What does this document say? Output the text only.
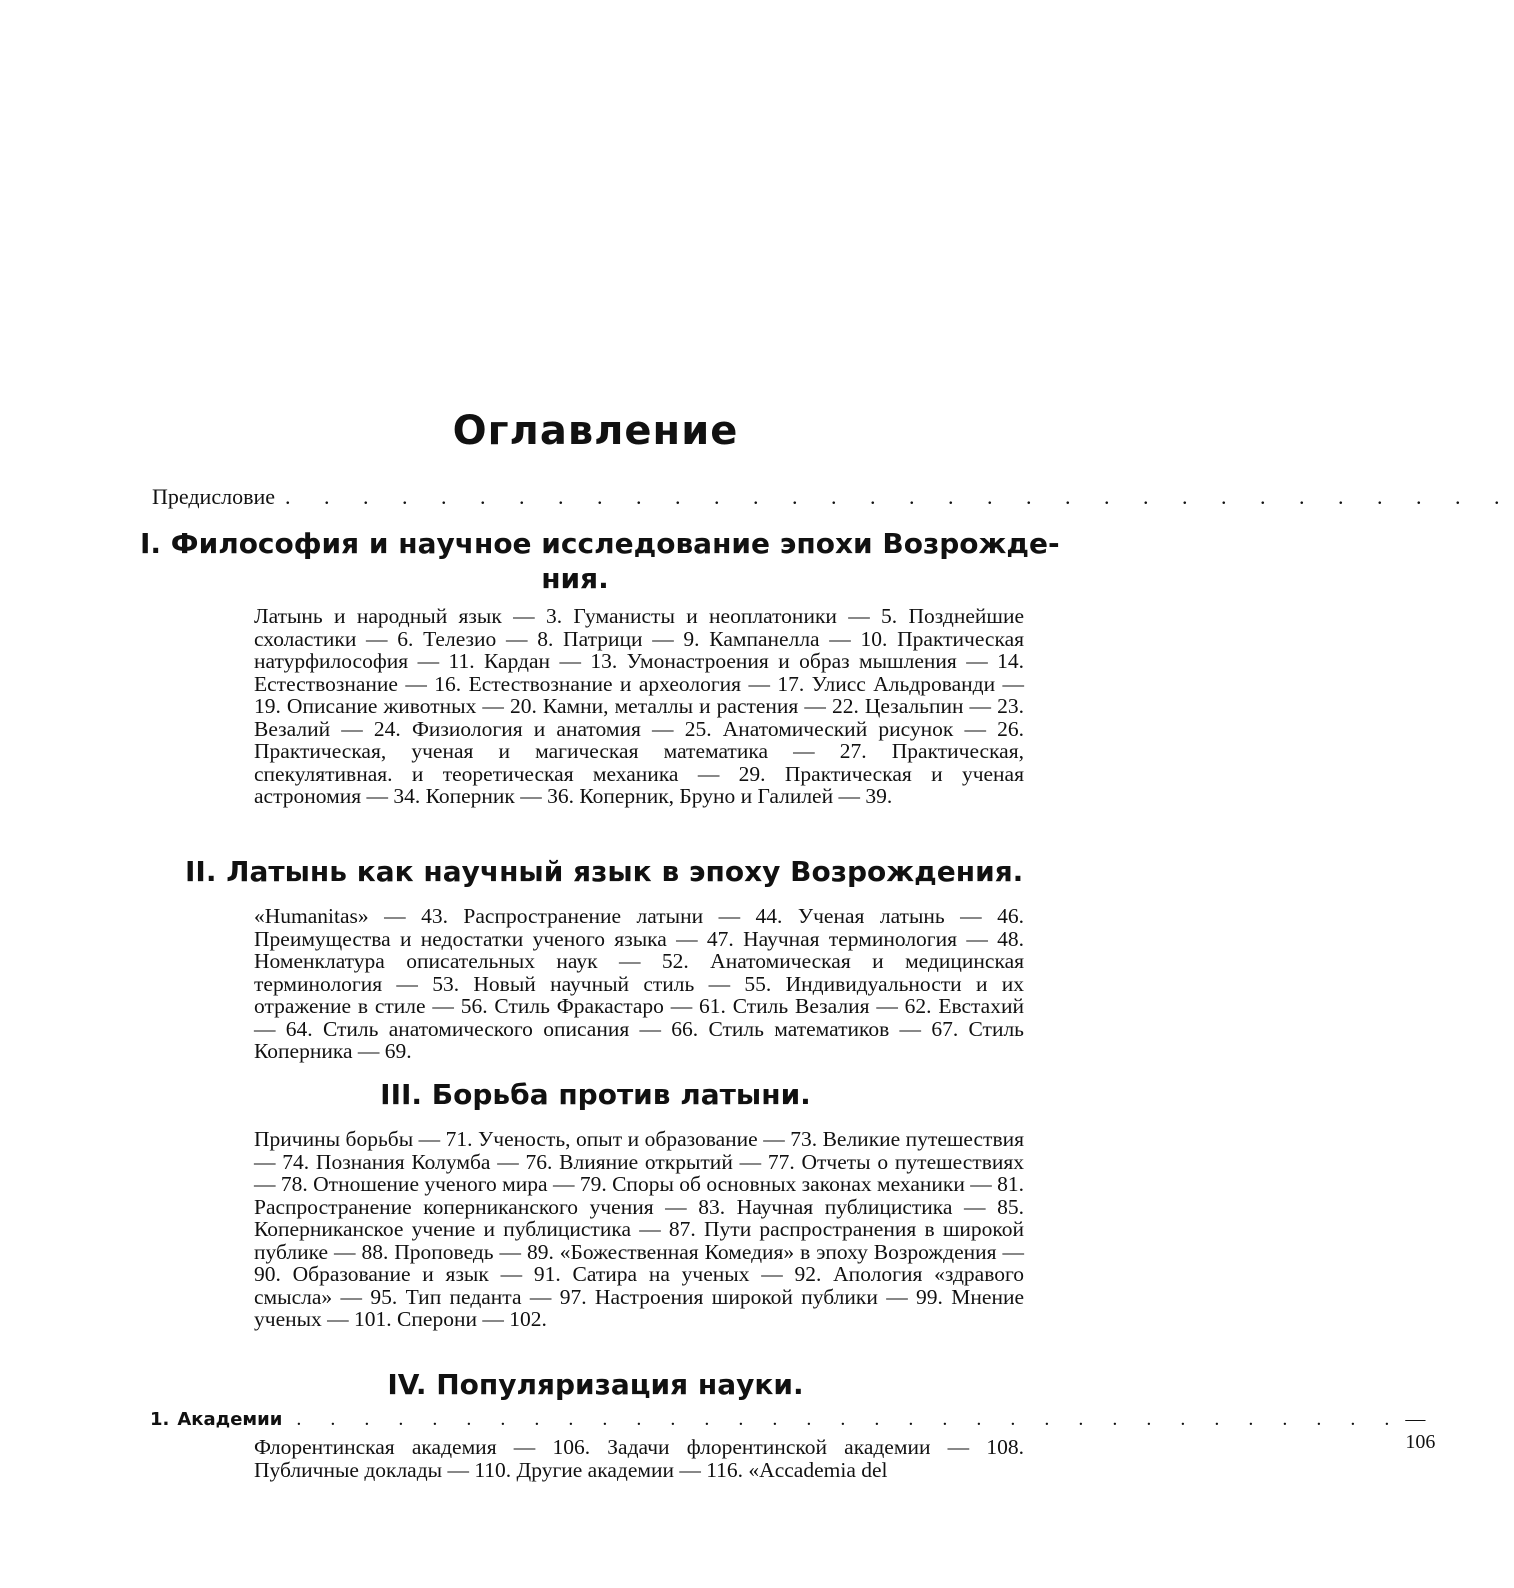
Оглавление
Предисловие . . . . . . . . . . . . . . . . . . . . . . . . . . . . . . . .
I. Философия и научное исследование эпохи Возрожде-
ния.
Латынь и народный язык — 3. Гуманисты и неоплатоники — 5. Позднейшие схоластики — 6. Телезио — 8. Патрици — 9. Кампанелла — 10. Практическая натурфилософия — 11. Кардан — 13. Умонастроения и образ мышления — 14. Естествознание — 16. Естествознание и археология — 17. Улисс Альдрованди — 19. Описание животных — 20. Камни, металлы и растения — 22. Цезальпин — 23. Везалий — 24. Физиология и анатомия — 25. Анатомический рисунок — 26. Практическая, ученая и магическая математика — 27. Практическая, спекулятивная. и теоретическая механика — 29. Практическая и ученая астрономия — 34. Коперник — 36. Коперник, Бруно и Галилей — 39.
II. Латынь как научный язык в эпоху Возрождения.
«Humanitas» — 43. Распространение латыни — 44. Ученая латынь — 46. Преимущества и недостатки ученого языка — 47. Научная терминология — 48. Номенклатура описательных наук — 52. Анатомическая и медицинская терминология — 53. Новый научный стиль — 55. Индивидуальности и их отражение в стиле — 56. Стиль Фракастаро — 61. Стиль Везалия — 62. Евстахий — 64. Стиль анатомического описания — 66. Стиль математиков — 67. Стиль Коперника — 69.
III. Борьба против латыни.
Причины борьбы — 71. Ученость, опыт и образование — 73. Великие путешествия — 74. Познания Колумба — 76. Влияние открытий — 77. Отчеты о путешествиях — 78. Отношение ученого мира — 79. Споры об основных законах механики — 81. Распространение коперниканского учения — 83. Научная публицистика — 85. Коперниканское учение и публицистика — 87. Пути распространения в широкой публике — 88. Проповедь — 89. «Божественная Комедия» в эпоху Возрождения — 90. Образование и язык — 91. Сатира на ученых — 92. Апология «здравого смысла» — 95. Тип педанта — 97. Настроения широкой публики — 99. Мнение ученых — 101. Сперони — 102.
IV. Популяризация науки.
1. Академии . . . . . . . . . . . . . . . . . . . . . . . . . . . . . . . . . — 106
Флорентинская академия — 106. Задачи флорентинской академии — 108. Публичные доклады — 110. Другие академии — 116. «Accademia del
